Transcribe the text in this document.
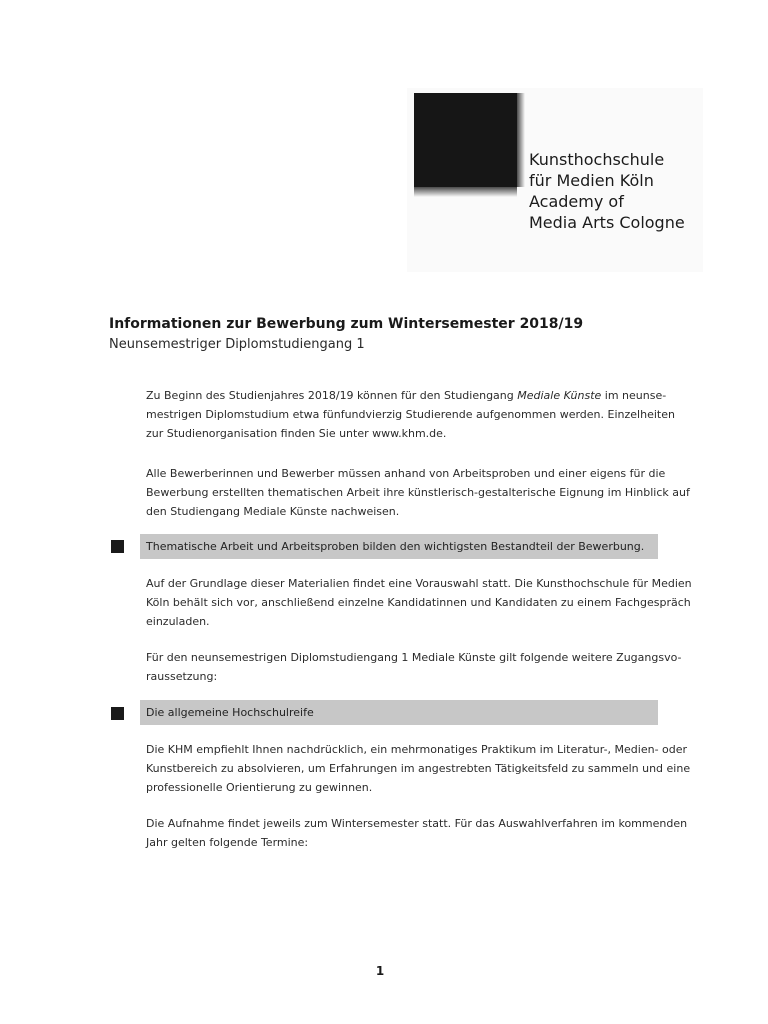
Kunsthochschule
für Medien Köln
Academy of
Media Arts Cologne
Informationen zur Bewerbung zum Wintersemester 2018/19
Neunsemestriger Diplomstudiengang 1
Zu Beginn des Studienjahres 2018/19 können für den Studiengang Mediale Künste im neunse-
mestrigen Diplomstudium etwa fünfundvierzig Studierende aufgenommen werden. Einzelheiten
zur Studienorganisation finden Sie unter www.khm.de.
Alle Bewerberinnen und Bewerber müssen anhand von Arbeitsproben und einer eigens für die
Bewerbung erstellten thematischen Arbeit ihre künstlerisch-gestalterische Eignung im Hinblick auf
den Studiengang Mediale Künste nachweisen.
Thematische Arbeit und Arbeitsproben bilden den wichtigsten Bestandteil der Bewerbung.
Auf der Grundlage dieser Materialien findet eine Vorauswahl statt. Die Kunsthochschule für Medien
Köln behält sich vor, anschließend einzelne Kandidatinnen und Kandidaten zu einem Fachgespräch
einzuladen.
Für den neunsemestrigen Diplomstudiengang 1 Mediale Künste gilt folgende weitere Zugangsvo-
raussetzung:
Die allgemeine Hochschulreife
Die KHM empfiehlt Ihnen nachdrücklich, ein mehrmonatiges Praktikum im Literatur-, Medien- oder
Kunstbereich zu absolvieren, um Erfahrungen im angestrebten Tätigkeitsfeld zu sammeln und eine
professionelle Orientierung zu gewinnen.
Die Aufnahme findet jeweils zum Wintersemester statt. Für das Auswahlverfahren im kommenden
Jahr gelten folgende Termine:
1
